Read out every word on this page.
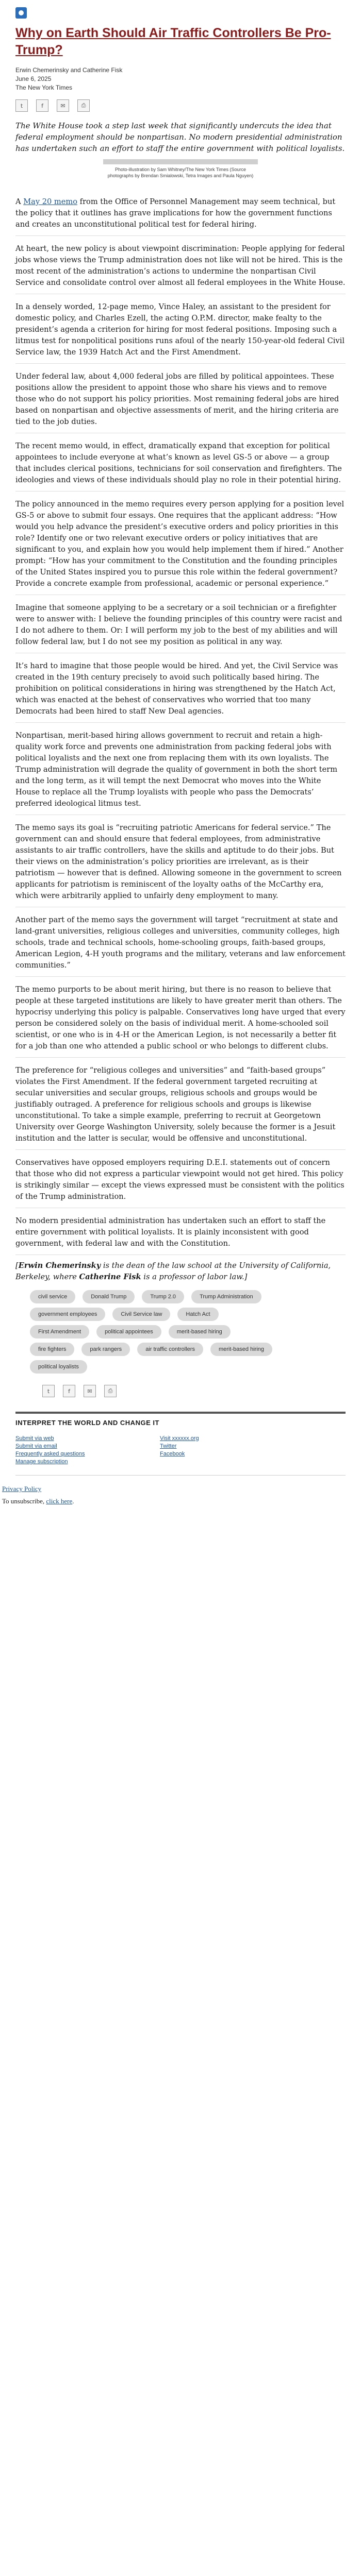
Why on Earth Should Air Traffic Controllers Be Pro-Trump?
Erwin Chemerinsky and Catherine Fisk
June 6, 2025
The New York Times
t	f	✉	⎙

The White House took a step last week that significantly undercuts the idea that federal employment should be nonpartisan. No modern presidential administration has undertaken such an effort to staff the entire government with political loyalists.

Photo-illustration by Sam Whitney/The New York Times (Source photographs by Brendan Smialowski, Tetra Images and Paula Nguyen)

A May 20 memo from the Office of Personnel Management may seem technical, but the policy that it outlines has grave implications for how the government functions and creates an unconstitutional political test for federal hiring.

At heart, the new policy is about viewpoint discrimination: People applying for federal jobs whose views the Trump administration does not like will not be hired. This is the most recent of the administration’s actions to undermine the nonpartisan Civil Service and consolidate control over almost all federal employees in the White House.

In a densely worded, 12-page memo, Vince Haley, an assistant to the president for domestic policy, and Charles Ezell, the acting O.P.M. director, make fealty to the president’s agenda a criterion for hiring for most federal positions. Imposing such a litmus test for nonpolitical positions runs afoul of the nearly 150-year-old federal Civil Service law, the 1939 Hatch Act and the First Amendment.

Under federal law, about 4,000 federal jobs are filled by political appointees. These positions allow the president to appoint those who share his views and to remove those who do not support his policy priorities. Most remaining federal jobs are hired based on nonpartisan and objective assessments of merit, and the hiring criteria are tied to the job duties.

The recent memo would, in effect, dramatically expand that exception for political appointees to include everyone at what’s known as level GS-5 or above — a group that includes clerical positions, technicians for soil conservation and firefighters. The ideologies and views of these individuals should play no role in their potential hiring.

The policy announced in the memo requires every person applying for a position level GS-5 or above to submit four essays. One requires that the applicant address: “How would you help advance the president’s executive orders and policy priorities in this role? Identify one or two relevant executive orders or policy initiatives that are significant to you, and explain how you would help implement them if hired.” Another prompt: “How has your commitment to the Constitution and the founding principles of the United States inspired you to pursue this role within the federal government? Provide a concrete example from professional, academic or personal experience.”

Imagine that someone applying to be a secretary or a soil technician or a firefighter were to answer with: I believe the founding principles of this country were racist and I do not adhere to them. Or: I will perform my job to the best of my abilities and will follow federal law, but I do not see my position as political in any way.

It’s hard to imagine that those people would be hired. And yet, the Civil Service was created in the 19th century precisely to avoid such politically based hiring. The prohibition on political considerations in hiring was strengthened by the Hatch Act, which was enacted at the behest of conservatives who worried that too many Democrats had been hired to staff New Deal agencies.

Nonpartisan, merit-based hiring allows government to recruit and retain a high-quality work force and prevents one administration from packing federal jobs with political loyalists and the next one from replacing them with its own loyalists. The Trump administration will degrade the quality of government in both the short term and the long term, as it will tempt the next Democrat who moves into the White House to replace all the Trump loyalists with people who pass the Democrats’ preferred ideological litmus test.

The memo says its goal is “recruiting patriotic Americans for federal service.” The government can and should ensure that federal employees, from administrative assistants to air traffic controllers, have the skills and aptitude to do their jobs. But their views on the administration’s policy priorities are irrelevant, as is their patriotism — however that is defined. Allowing someone in the government to screen applicants for patriotism is reminiscent of the loyalty oaths of the McCarthy era, which were arbitrarily applied to unfairly deny employment to many.

Another part of the memo says the government will target “recruitment at state and land-grant universities, religious colleges and universities, community colleges, high schools, trade and technical schools, home-schooling groups, faith-based groups, American Legion, 4-H youth programs and the military, veterans and law enforcement communities.”

The memo purports to be about merit hiring, but there is no reason to believe that people at these targeted institutions are likely to have greater merit than others. The hypocrisy underlying this policy is palpable. Conservatives long have urged that every person be considered solely on the basis of individual merit. A home-schooled soil scientist, or one who is in 4-H or the American Legion, is not necessarily a better fit for a job than one who attended a public school or who belongs to different clubs.

The preference for “religious colleges and universities” and “faith-based groups” violates the First Amendment. If the federal government targeted recruiting at secular universities and secular groups, religious schools and groups would be justifiably outraged. A preference for religious schools and groups is likewise unconstitutional. To take a simple example, preferring to recruit at Georgetown University over George Washington University, solely because the former is a Jesuit institution and the latter is secular, would be offensive and unconstitutional.

Conservatives have opposed employers requiring D.E.I. statements out of concern that those who did not express a particular viewpoint would not get hired. This policy is strikingly similar — except the views expressed must be consistent with the politics of the Trump administration.

No modern presidential administration has undertaken such an effort to staff the entire government with political loyalists. It is plainly inconsistent with good government, with federal law and with the Constitution.

[Erwin Chemerinsky is the dean of the law school at the University of California, Berkeley, where Catherine Fisk is a professor of labor law.]

civil service	Donald Trump	Trump 2.0	Trump Administration
government employees	Civil Service law	Hatch Act
First Amendment	political appointees	merit-based hiring
fire fighters	park rangers	air traffic controllers	merit-based hiring
political loyalists
t	f	✉	⎙
INTERPRET THE WORLD AND CHANGE IT
Submit via web
Submit via email
Frequently asked questions
Manage subscription
Visit xxxxxx.org
Twitter
Facebook
Privacy Policy
To unsubscribe, click here.
